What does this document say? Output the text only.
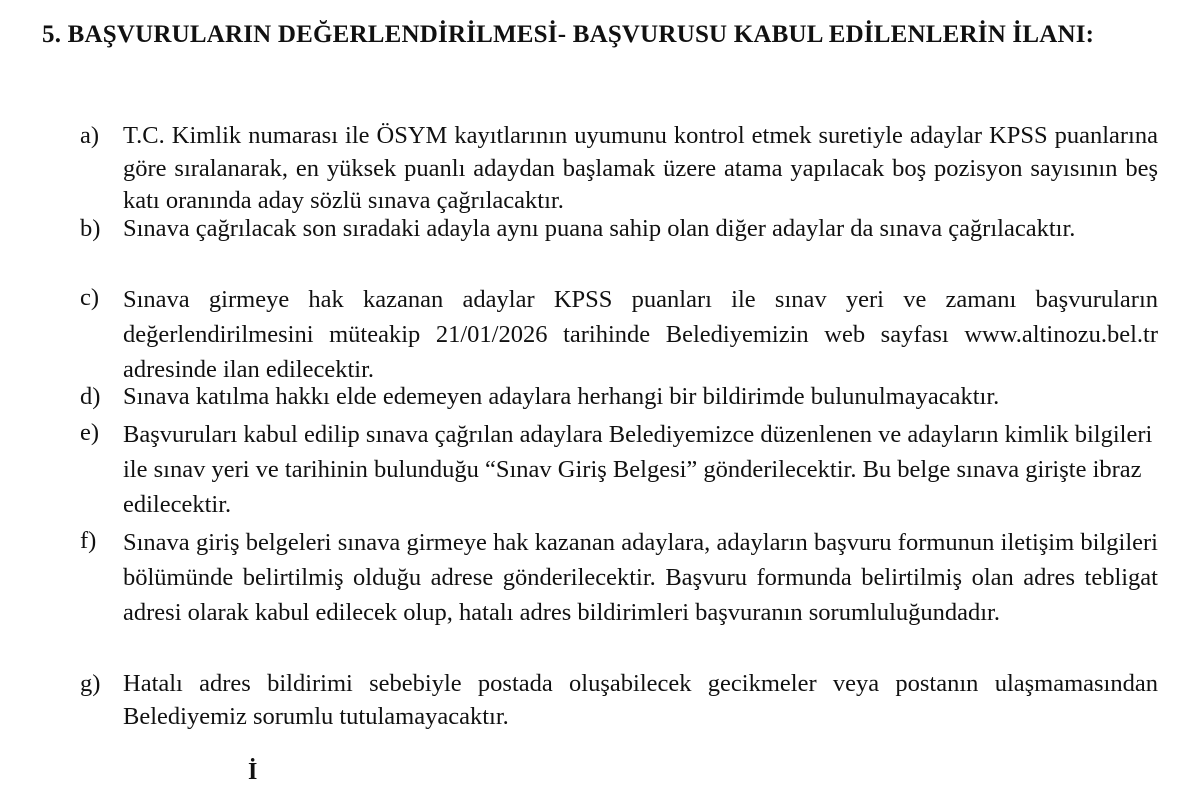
5. BAŞVURULARIN DEĞERLENDİRİLMESİ- BAŞVURUSU KABUL EDİLENLERİN İLANI:
a) T.C. Kimlik numarası ile ÖSYM kayıtlarının uyumunu kontrol etmek suretiyle adaylar KPSS puanlarına göre sıralanarak, en yüksek puanlı adaydan başlamak üzere atama yapılacak boş pozisyon sayısının beş katı oranında aday sözlü sınava çağrılacaktır.
b) Sınava çağrılacak son sıradaki adayla aynı puana sahip olan diğer adaylar da sınava çağrılacaktır.
c) Sınava girmeye hak kazanan adaylar KPSS puanları ile sınav yeri ve zamanı başvuruların değerlendirilmesini müteakip 21/01/2026 tarihinde Belediyemizin web sayfası www.altinozu.bel.tr adresinde ilan edilecektir.
d) Sınava katılma hakkı elde edemeyen adaylara herhangi bir bildirimde bulunulmayacaktır.
e) Başvuruları kabul edilip sınava çağrılan adaylara Belediyemizce düzenlenen ve adayların kimlik bilgileri ile sınav yeri ve tarihinin bulunduğu “Sınav Giriş Belgesi” gönderilecektir. Bu belge sınava girişte ibraz edilecektir.
f)	Sınava giriş belgeleri sınava girmeye hak kazanan adaylara, adayların başvuru formunun iletişim bilgileri bölümünde belirtilmiş olduğu adrese gönderilecektir. Başvuru formunda belirtilmiş olan adres tebligat adresi olarak kabul edilecek olup, hatalı adres bildirimleri başvuranın sorumluluğundadır.
g) Hatalı adres bildirimi sebebiyle postada oluşabilecek gecikmeler veya postanın ulaşmamasından Belediyemiz sorumlu tutulamayacaktır.
İ
